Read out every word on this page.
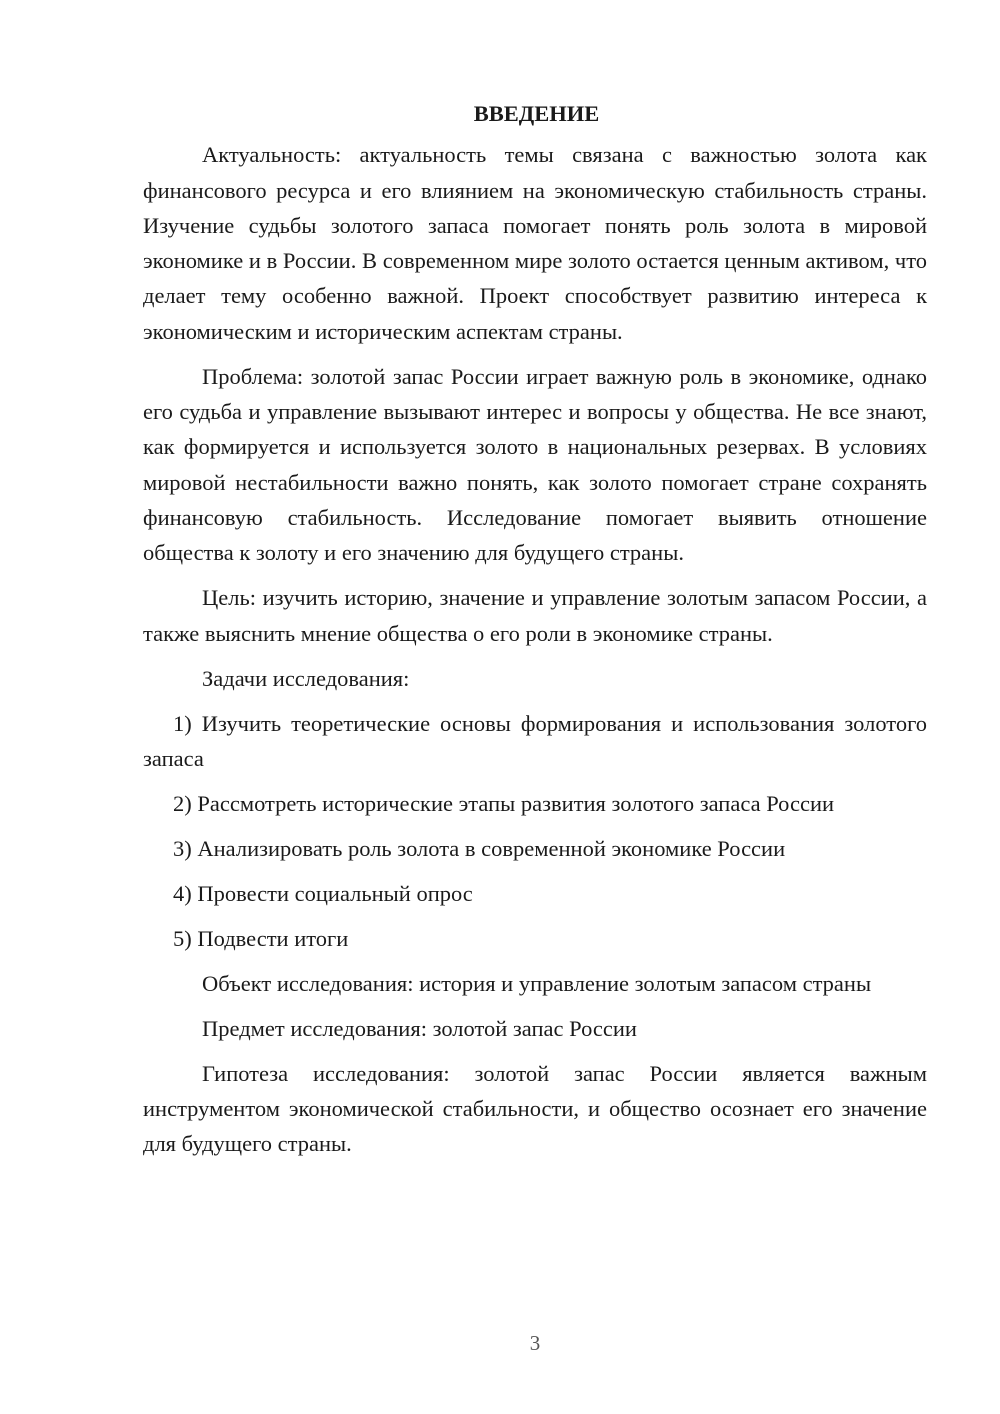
ВВЕДЕНИЕ

Актуальность: актуальность темы связана с важностью золота как финансового ресурса и его влиянием на экономическую стабильность страны. Изучение судьбы золотого запаса помогает понять роль золота в мировой экономике и в России. В современном мире золото остается ценным активом, что делает тему особенно важной. Проект способствует развитию интереса к экономическим и историческим аспектам страны.

Проблема: золотой запас России играет важную роль в экономике, однако его судьба и управление вызывают интерес и вопросы у общества. Не все знают, как формируется и используется золото в национальных резервах. В условиях мировой нестабильности важно понять, как золото помогает стране сохранять финансовую стабильность. Исследование помогает выявить отношение общества к золоту и его значению для будущего страны.

Цель: изучить историю, значение и управление золотым запасом России, а также выяснить мнение общества о его роли в экономике страны.

Задачи исследования:

1) Изучить теоретические основы формирования и использования золотого запаса

2) Рассмотреть исторические этапы развития золотого запаса России

3) Анализировать роль золота в современной экономике России

4) Провести социальный опрос

5) Подвести итоги

Объект исследования: история и управление золотым запасом страны

Предмет исследования: золотой запас России

Гипотеза исследования: золотой запас России является важным инструментом экономической стабильности, и общество осознает его значение для будущего страны.

3
